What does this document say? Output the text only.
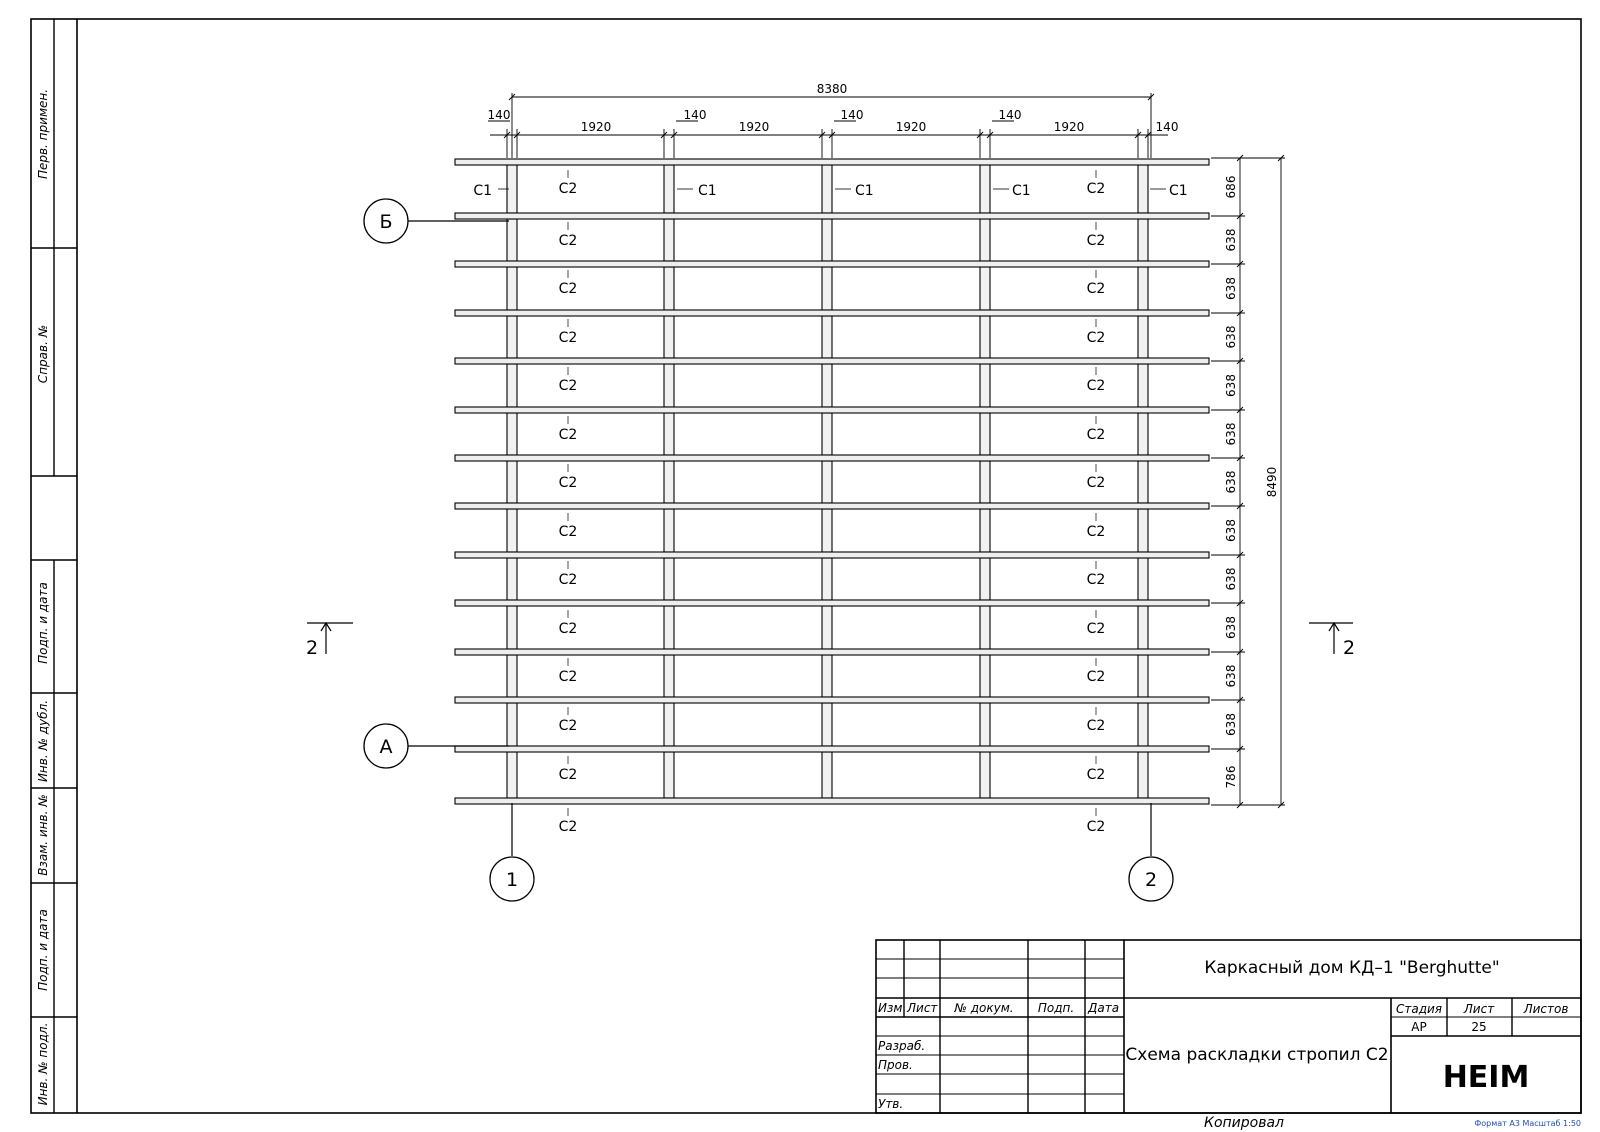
Перв. примен.
Справ. №
Подп. и дата
Инв. № дубл.
Взам. инв. №
Подп. и дата
Инв. № подл.
С1	С1	С1	С1	С1
С2	С2
С2	С2
С2	С2
С2	С2
С2	С2
С2	С2
С2	С2
С2	С2
С2	С2
С2	С2
С2	С2
С2	С2
С2	С2
С2	С2
8380
140
1920
140
1920
140
1920
140
1920	140
686
638
638
638
638
638
638
638
638
638
638
638
786
8490
Б
А
1	2
2	2
Изм Лист № докум. Подп. Дата
Разраб.
Пров.
Утв.
Каркасный дом КД–1 "Berghutte"
Схема раскладки стропил С2
Стадия Лист Листов
АР	25
HEIM
Копировал	Формат А3 Масштаб 1:50
